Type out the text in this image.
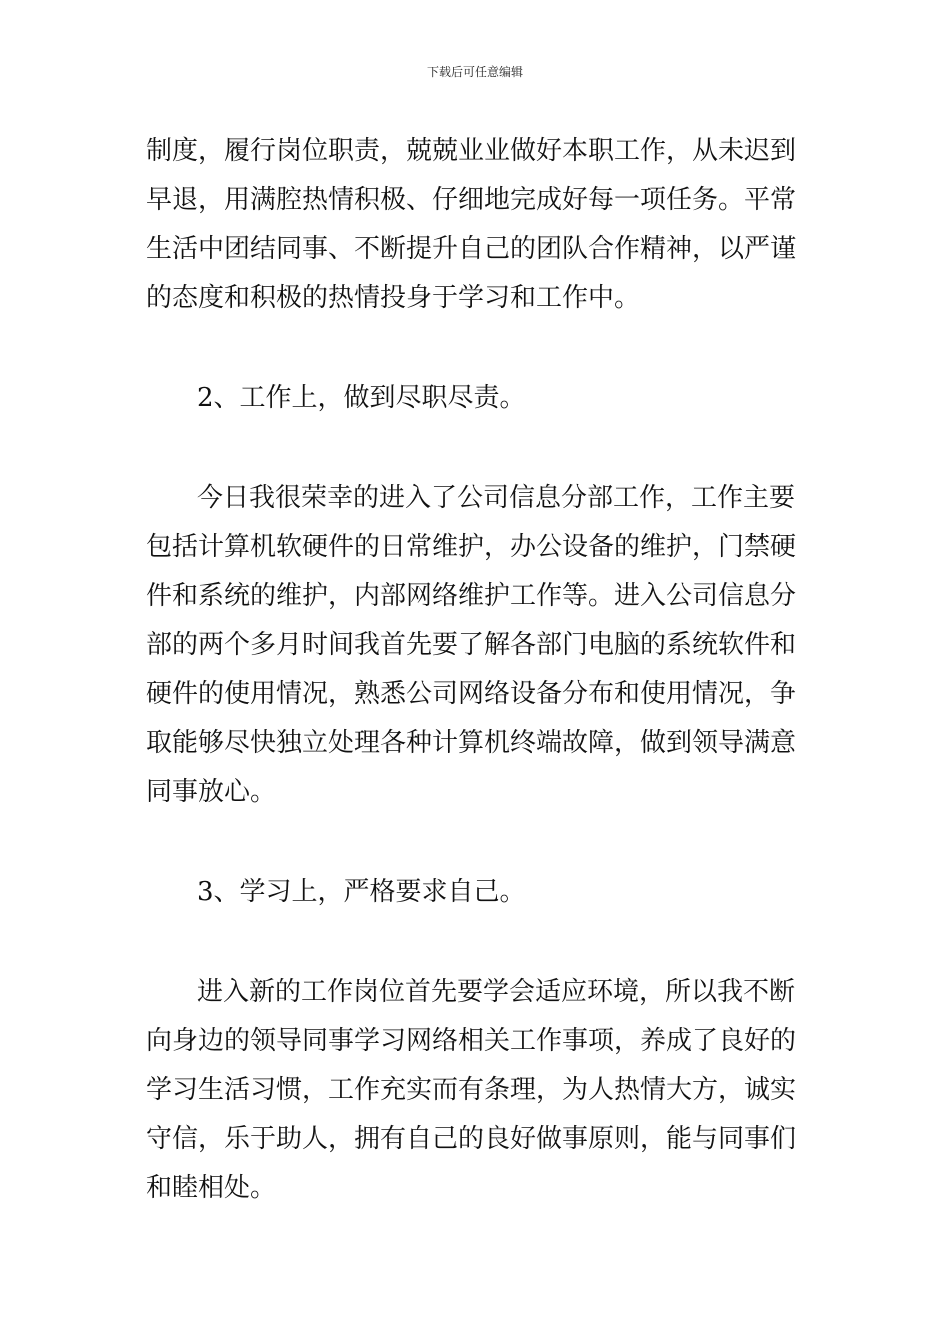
下载后可任意编辑
制度，履行岗位职责，兢兢业业做好本职工作，从未迟到
早退，用满腔热情积极、仔细地完成好每一项任务。平常
生活中团结同事、不断提升自己的团队合作精神，以严谨
的态度和积极的热情投身于学习和工作中。
2、工作上，做到尽职尽责。
今日我很荣幸的进入了公司信息分部工作，工作主要
包括计算机软硬件的日常维护，办公设备的维护，门禁硬
件和系统的维护，内部网络维护工作等。进入公司信息分
部的两个多月时间我首先要了解各部门电脑的系统软件和
硬件的使用情况，熟悉公司网络设备分布和使用情况，争
取能够尽快独立处理各种计算机终端故障，做到领导满意
同事放心。
3、学习上，严格要求自己。
进入新的工作岗位首先要学会适应环境，所以我不断
向身边的领导同事学习网络相关工作事项，养成了良好的
学习生活习惯，工作充实而有条理，为人热情大方，诚实
守信，乐于助人，拥有自己的良好做事原则，能与同事们
和睦相处。
